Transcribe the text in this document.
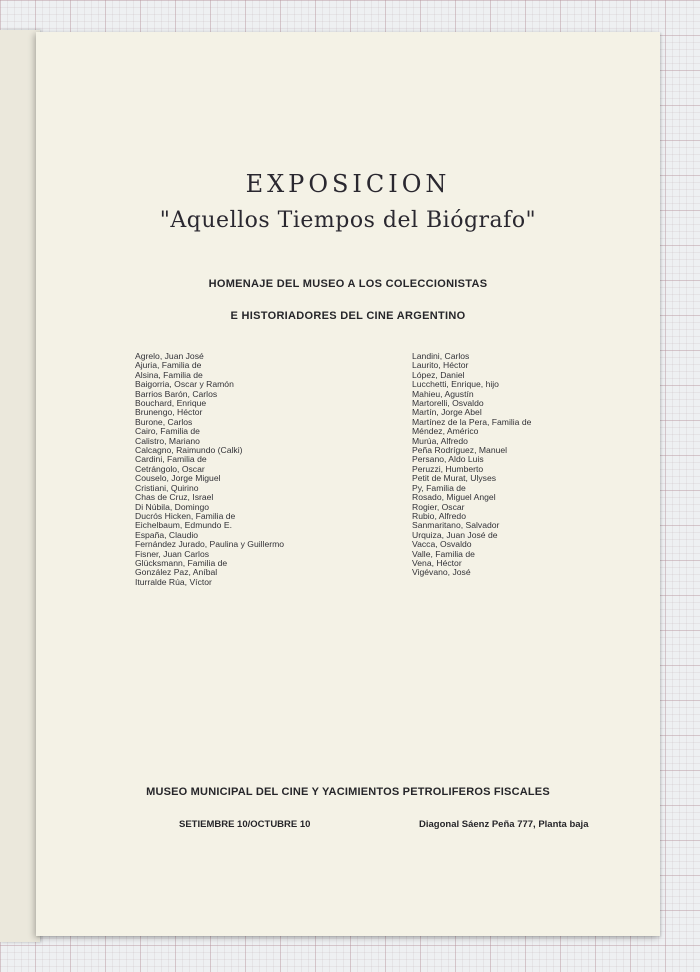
EXPOSICION
"Aquellos Tiempos del Biógrafo"
HOMENAJE DEL MUSEO A LOS COLECCIONISTAS
E HISTORIADORES DEL CINE ARGENTINO
Agrelo, Juan José
Ajuria, Familia de
Alsina, Familia de
Baigorria, Oscar y Ramón
Barrios Barón, Carlos
Bouchard, Enrique
Brunengo, Héctor
Burone, Carlos
Cairo, Familia de
Calistro, Mariano
Calcagno, Raimundo (Calki)
Cardini, Familia de
Cetrángolo, Oscar
Couselo, Jorge Miguel
Cristiani, Quirino
Chas de Cruz, Israel
Di Núbila, Domingo
Ducrós Hicken, Familia de
Eichelbaum, Edmundo E.
España, Claudio
Fernández Jurado, Paulina y Guillermo
Fisner, Juan Carlos
Glücksmann, Familia de
González Paz, Aníbal
Iturralde Rúa, Víctor
Landini, Carlos
Laurito, Héctor
López, Daniel
Lucchetti, Enrique, hijo
Mahieu, Agustín
Martorelli, Osvaldo
Martín, Jorge Abel
Martínez de la Pera, Familia de
Méndez, Américo
Murúa, Alfredo
Peña Rodríguez, Manuel
Persano, Aldo Luis
Peruzzi, Humberto
Petit de Murat, Ulyses
Py, Familia de
Rosado, Miguel Angel
Rogier, Oscar
Rubio, Alfredo
Sanmaritano, Salvador
Urquiza, Juan José de
Vacca, Osvaldo
Valle, Familia de
Vena, Héctor
Vigévano, José
MUSEO MUNICIPAL DEL CINE Y YACIMIENTOS PETROLIFEROS FISCALES
SETIEMBRE 10/OCTUBRE 10	Diagonal Sáenz Peña 777, Planta baja
